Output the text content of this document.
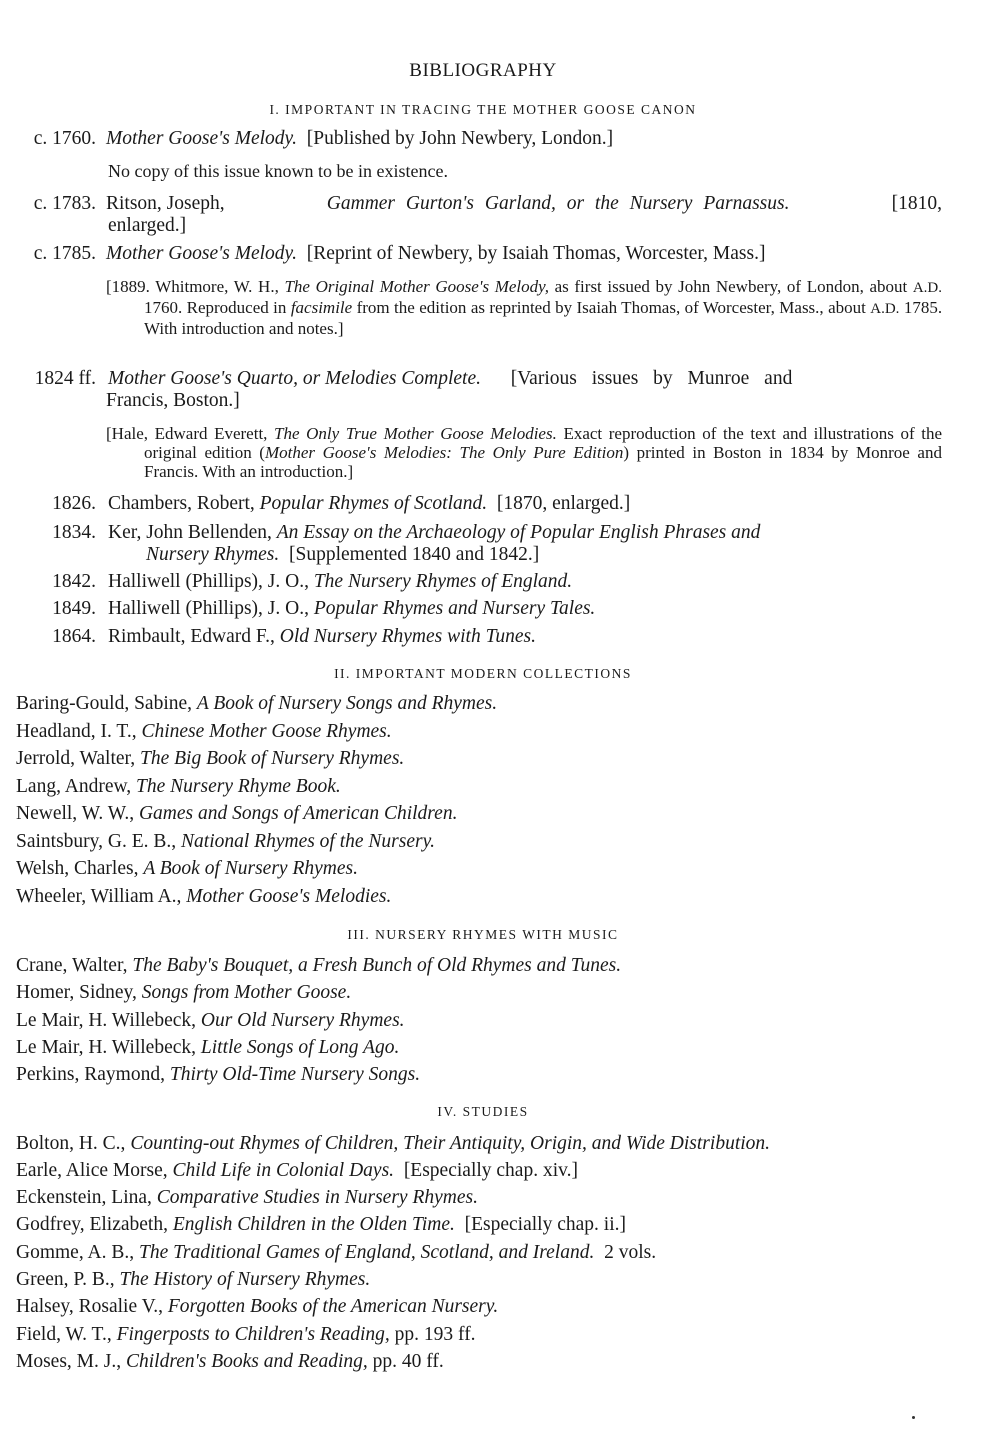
BIBLIOGRAPHY
I. IMPORTANT IN TRACING THE MOTHER GOOSE CANON
c. 1760. Mother Goose's Melody.  [Published by John Newbery, London.]
No copy of this issue known to be in existence.
c. 1783. Ritson, Joseph,	Gammer Gurton's Garland, or the Nursery Parnassus.	[1810,
enlarged.]
c. 1785. Mother Goose's Melody.  [Reprint of Newbery, by Isaiah Thomas, Worcester, Mass.]
[1889. Whitmore, W. H., The Original Mother Goose's Melody, as first issued by John Newbery, of London, about A.D. 1760. Reproduced in facsimile from the edition as reprinted by Isaiah Thomas, of Worcester, Mass., about A.D. 1785. With introduction and notes.]
1824 ff. Mother Goose's Quarto, or Melodies Complete.  [Various issues by Munroe and
Francis, Boston.]
[Hale, Edward Everett, The Only True Mother Goose Melodies. Exact reproduction of the text and illustrations of the original edition (Mother Goose's Melodies: The Only Pure Edition) printed in Boston in 1834 by Monroe and Francis. With an introduction.]
1826. Chambers, Robert, Popular Rhymes of Scotland.  [1870, enlarged.]
1834. Ker, John Bellenden, An Essay on the Archaeology of Popular English Phrases and
Nursery Rhymes.  [Supplemented 1840 and 1842.]
1842. Halliwell (Phillips), J. O., The Nursery Rhymes of England.
1849. Halliwell (Phillips), J. O., Popular Rhymes and Nursery Tales.
1864. Rimbault, Edward F., Old Nursery Rhymes with Tunes.
II. IMPORTANT MODERN COLLECTIONS
Baring-Gould, Sabine, A Book of Nursery Songs and Rhymes.
Headland, I. T., Chinese Mother Goose Rhymes.
Jerrold, Walter, The Big Book of Nursery Rhymes.
Lang, Andrew, The Nursery Rhyme Book.
Newell, W. W., Games and Songs of American Children.
Saintsbury, G. E. B., National Rhymes of the Nursery.
Welsh, Charles, A Book of Nursery Rhymes.
Wheeler, William A., Mother Goose's Melodies.
III. NURSERY RHYMES WITH MUSIC
Crane, Walter, The Baby's Bouquet, a Fresh Bunch of Old Rhymes and Tunes.
Homer, Sidney, Songs from Mother Goose.
Le Mair, H. Willebeck, Our Old Nursery Rhymes.
Le Mair, H. Willebeck, Little Songs of Long Ago.
Perkins, Raymond, Thirty Old-Time Nursery Songs.
IV. STUDIES
Bolton, H. C., Counting-out Rhymes of Children, Their Antiquity, Origin, and Wide Distribution.
Earle, Alice Morse, Child Life in Colonial Days.  [Especially chap. xiv.]
Eckenstein, Lina, Comparative Studies in Nursery Rhymes.
Godfrey, Elizabeth, English Children in the Olden Time.  [Especially chap. ii.]
Gomme, A. B., The Traditional Games of England, Scotland, and Ireland.  2 vols.
Green, P. B., The History of Nursery Rhymes.
Halsey, Rosalie V., Forgotten Books of the American Nursery.
Field, W. T., Fingerposts to Children's Reading, pp. 193 ff.
Moses, M. J., Children's Books and Reading, pp. 40 ff.
